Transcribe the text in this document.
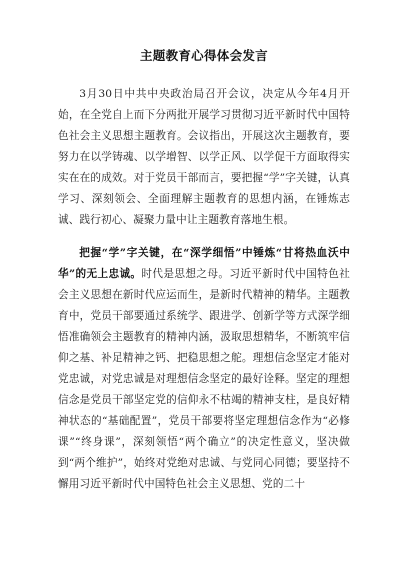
主题教育心得体会发言

3月30日中共中央政治局召开会议，决定从今年4月开始，在全党自上而下分两批开展学习贯彻习近平新时代中国特色社会主义思想主题教育。会议指出，开展这次主题教育，要努力在以学铸魂、以学增智、以学正风、以学促干方面取得实实在在的成效。对于党员干部而言，要把握“学”字关键，认真学习、深刻领会、全面理解主题教育的思想内涵，在锤炼志诚、践行初心、凝聚力量中让主题教育落地生根。

把握“学”字关键，在“深学细悟”中锤炼“甘将热血沃中华”的无上忠诚。时代是思想之母。习近平新时代中国特色社会主义思想在新时代应运而生，是新时代精神的精华。主题教育中，党员干部要通过系统学、跟进学、创新学等方式深学细悟准确领会主题教育的精神内涵，汲取思想精华，不断筑牢信仰之基、补足精神之钙、把稳思想之舵。理想信念坚定才能对党忠诚，对党忠诚是对理想信念坚定的最好诠释。坚定的理想信念是党员干部坚定党的信仰永不枯竭的精神支柱，是良好精神状态的“基础配置”，党员干部要将坚定理想信念作为“必修课”“终身课”，深刻领悟“两个确立”的决定性意义，坚决做到“两个维护”，始终对党绝对忠诚、与党同心同德；要坚持不懈用习近平新时代中国特色社会主义思想、党的二十
